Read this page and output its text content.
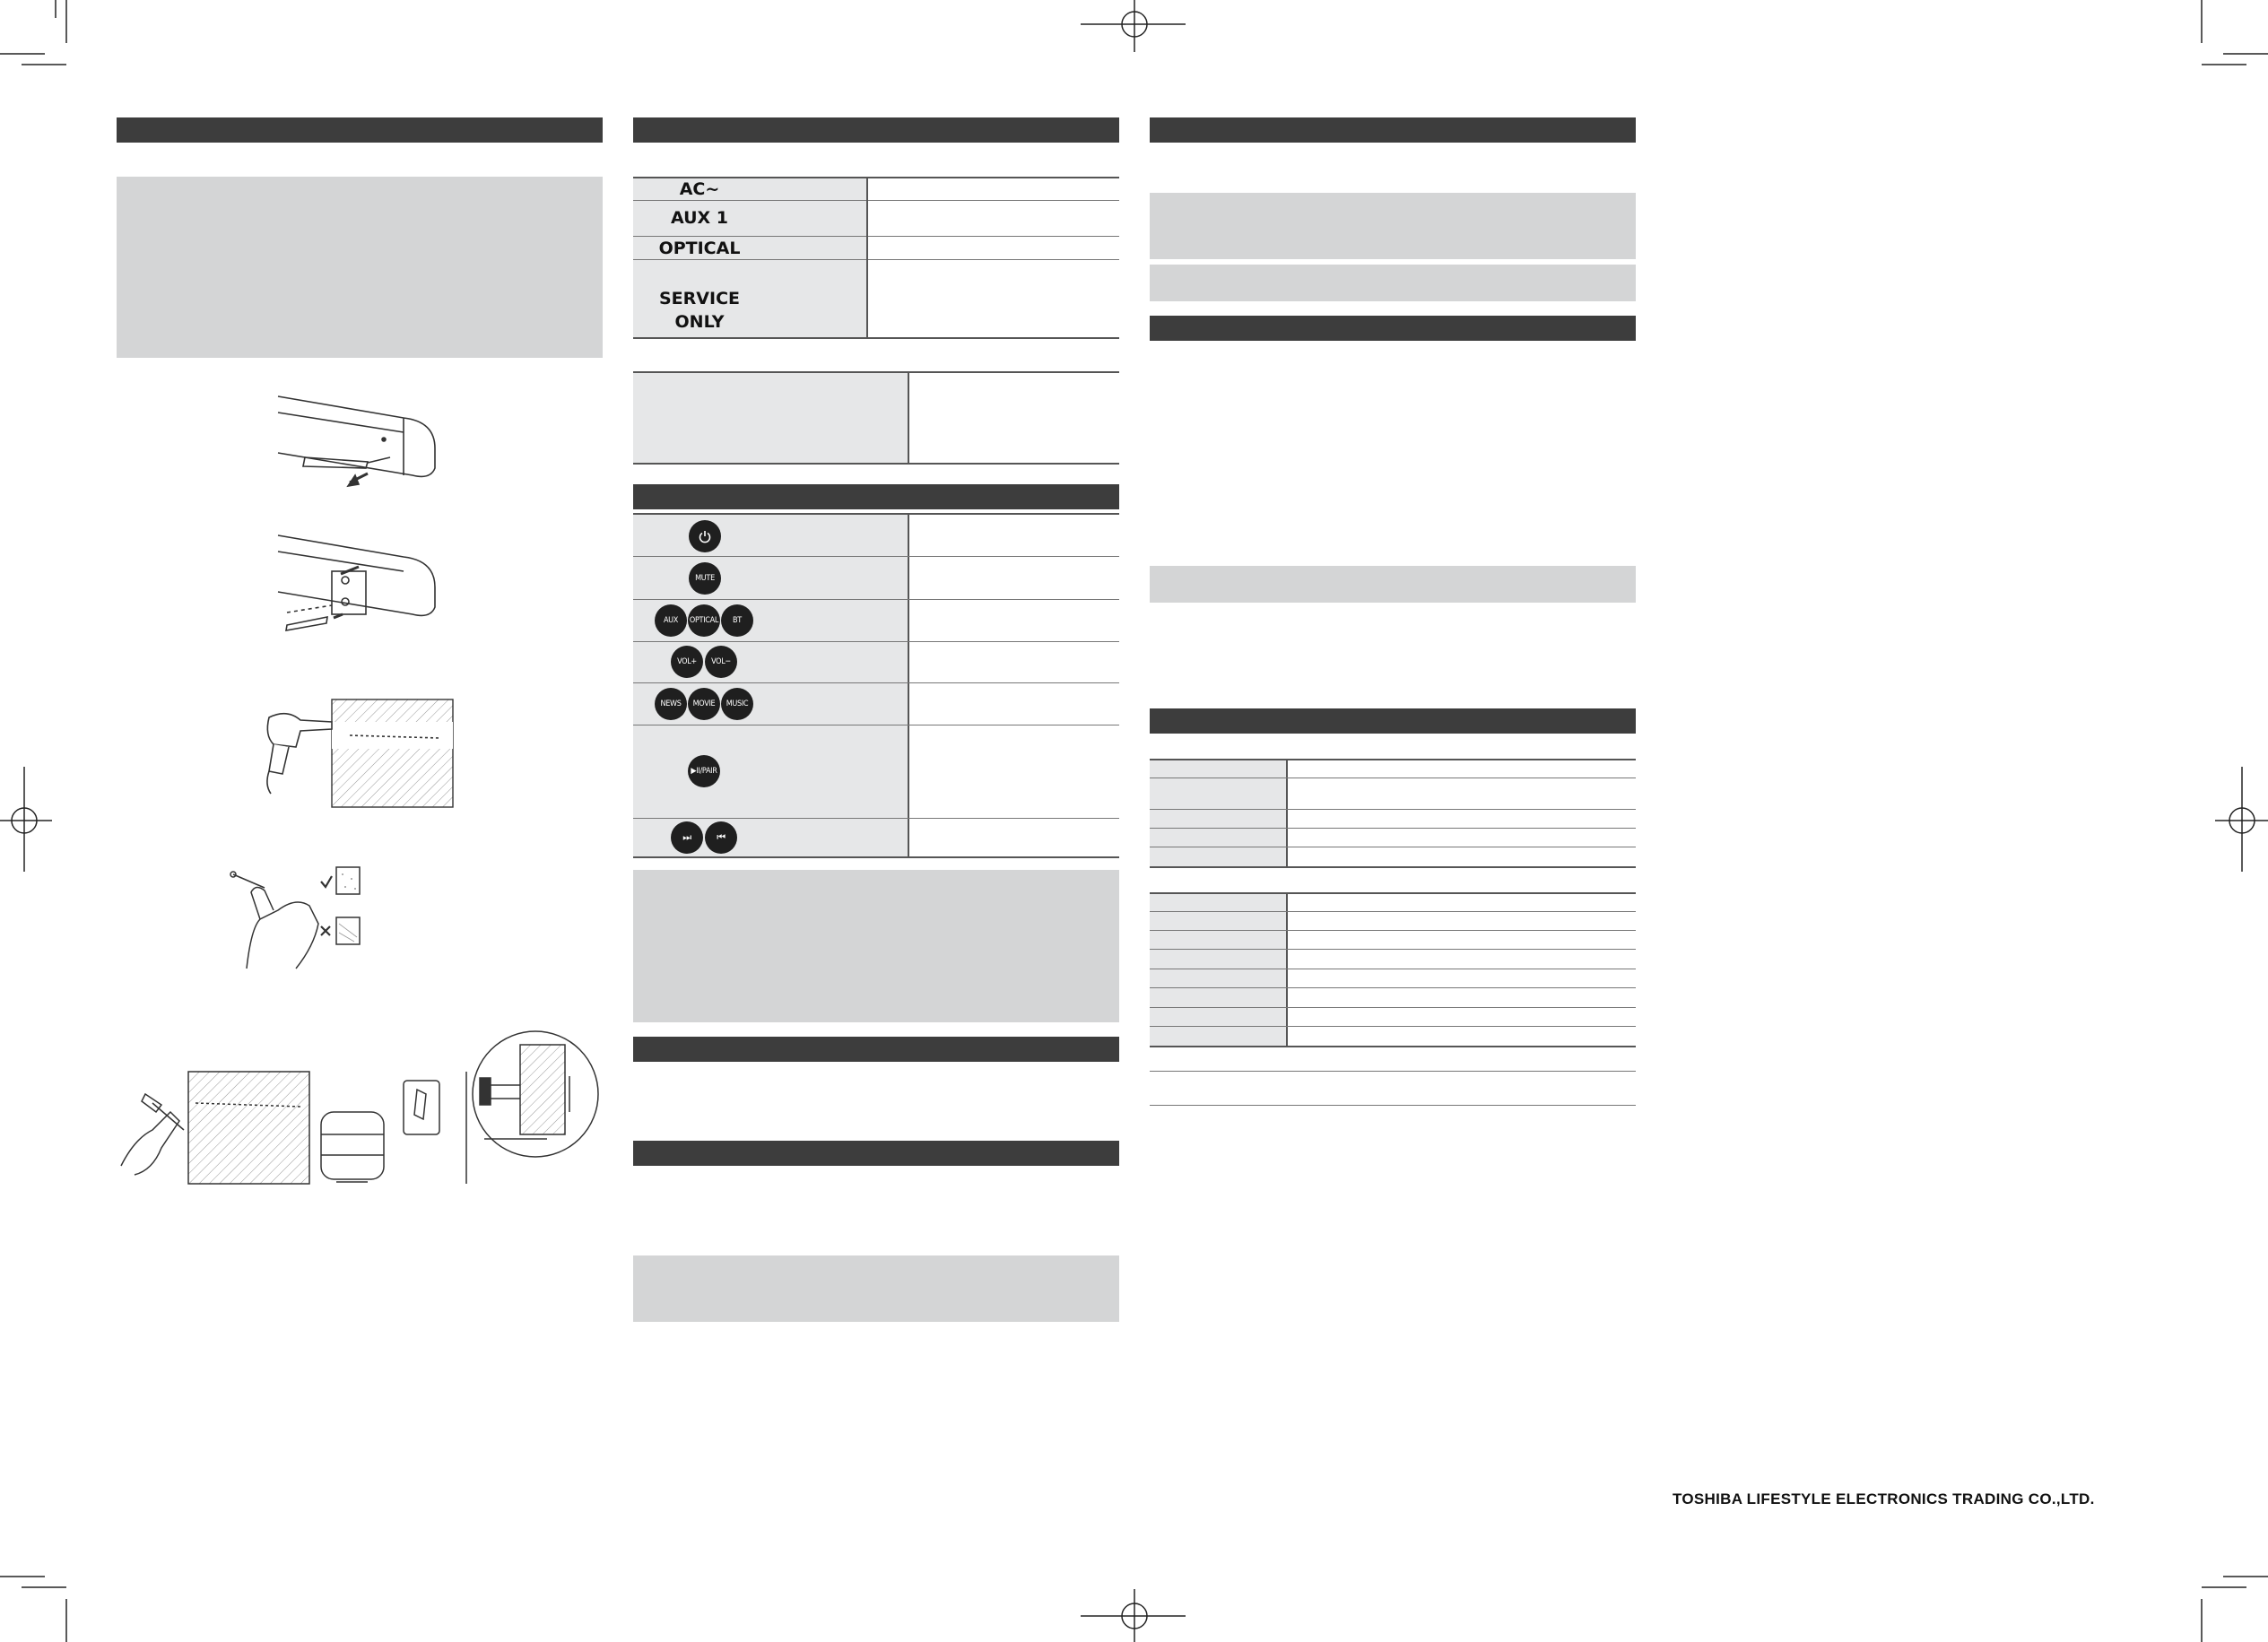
AC~
AUX 1
OPTICAL
SERVICE ONLY
MUTE
AUX	OPTICAL	BT
VOL+	VOL−
NEWS	MOVIE	MUSIC
▶II/PAIR
⏭	⏮
TOSHIBA LIFESTYLE ELECTRONICS TRADING CO.,LTD.
